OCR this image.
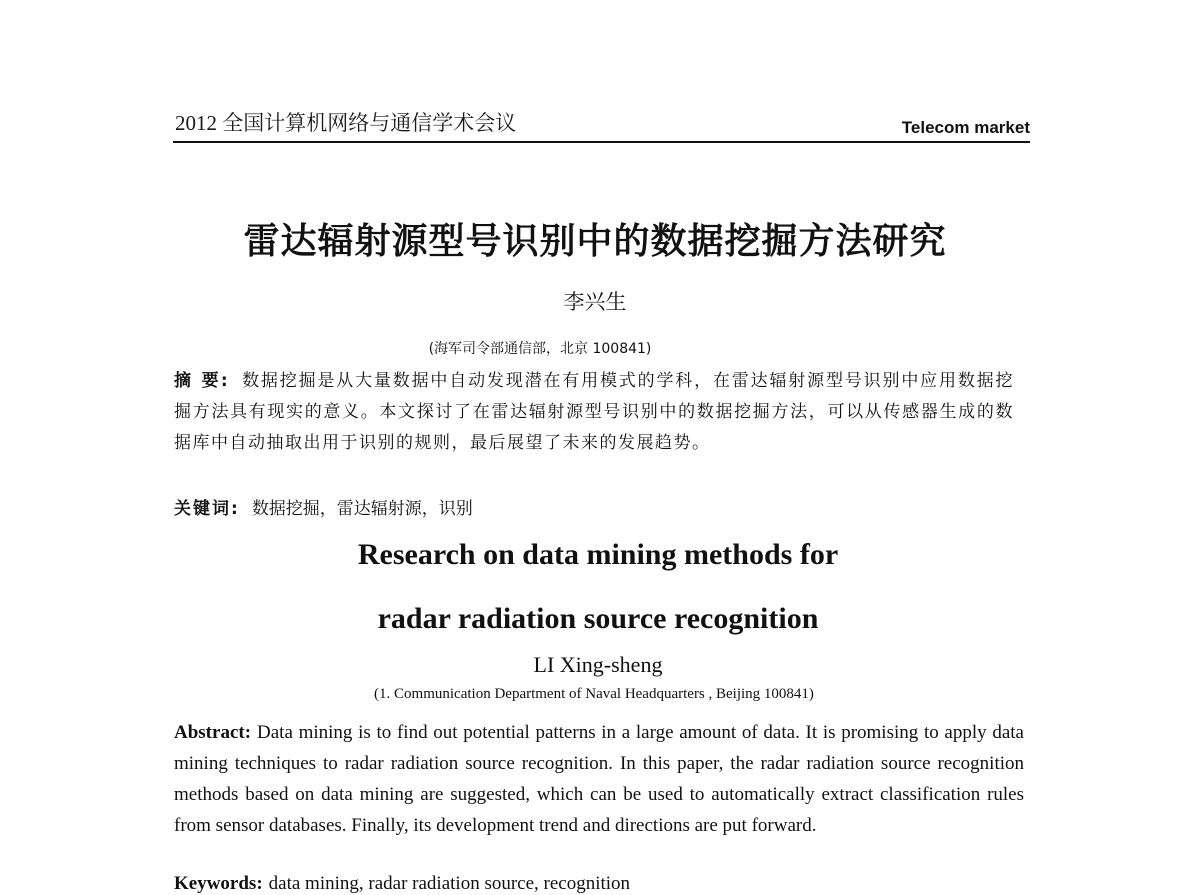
2012 全国计算机网络与通信学术会议	Telecom market
雷达辐射源型号识别中的数据挖掘方法研究
李兴生
(海军司令部通信部，北京 100841)
摘 要: 数据挖掘是从大量数据中自动发现潜在有用模式的学科，在雷达辐射源型号识别中应用数据挖掘方法具有现实的意义。本文探讨了在雷达辐射源型号识别中的数据挖掘方法，可以从传感器生成的数据库中自动抽取出用于识别的规则，最后展望了未来的发展趋势。
关键词: 数据挖掘，雷达辐射源，识别
Research on data mining methods for
radar radiation source recognition
LI Xing-sheng
(1. Communication Department of Naval Headquarters , Beijing 100841)
Abstract: Data mining is to find out potential patterns in a large amount of data. It is promising to apply data mining techniques to radar radiation source recognition. In this paper, the radar radiation source recognition methods based on data mining are suggested, which can be used to automatically extract classification rules from sensor databases. Finally, its development trend and directions are put forward.
Keywords: data mining, radar radiation source, recognition
